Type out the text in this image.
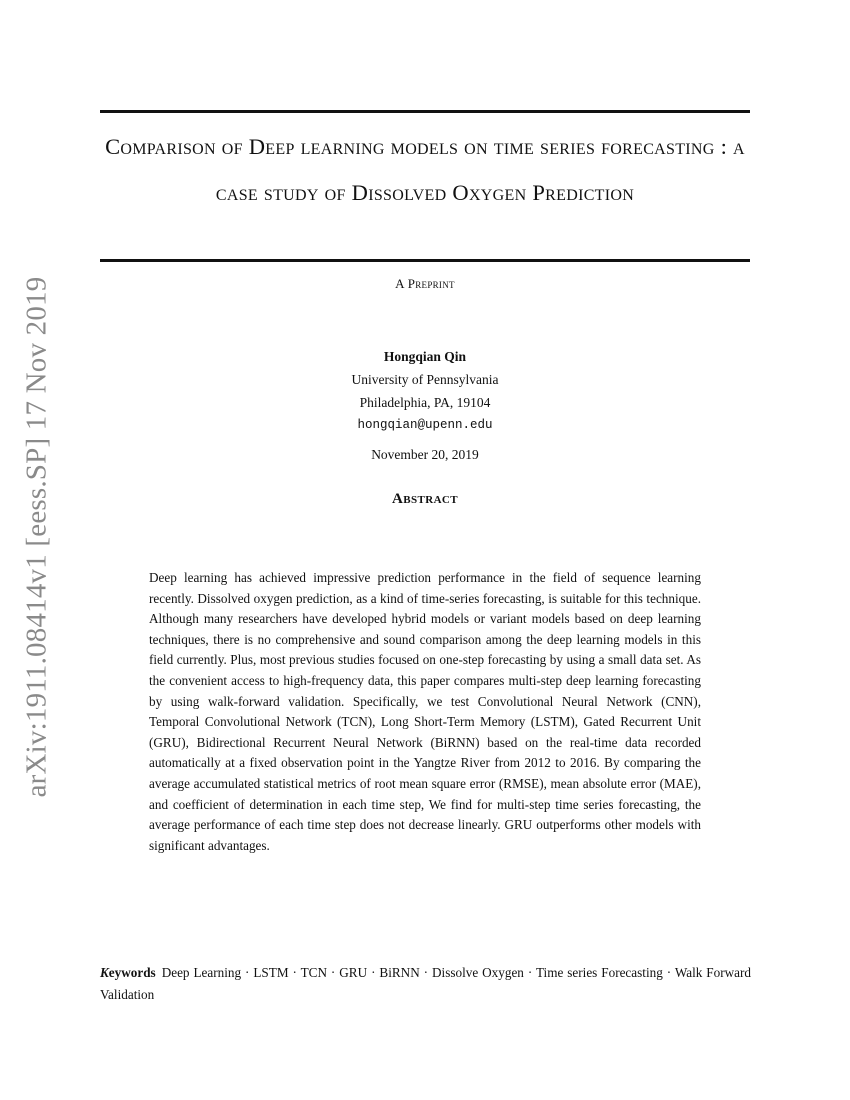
arXiv:1911.08414v1 [eess.SP] 17 Nov 2019
Comparison of Deep learning models on time series forecasting : a case study of Dissolved Oxygen Prediction
A Preprint
Hongqian Qin
University of Pennsylvania
Philadelphia, PA, 19104
hongqian@upenn.edu
November 20, 2019
Abstract
Deep learning has achieved impressive prediction performance in the field of sequence learning recently. Dissolved oxygen prediction, as a kind of time-series forecasting, is suitable for this technique. Although many researchers have developed hybrid models or variant models based on deep learning techniques, there is no comprehensive and sound comparison among the deep learning models in this field currently. Plus, most previous studies focused on one-step forecasting by using a small data set. As the convenient access to high-frequency data, this paper compares multi-step deep learning forecasting by using walk-forward validation. Specifically, we test Convolutional Neural Network (CNN), Temporal Convolutional Network (TCN), Long Short-Term Memory (LSTM), Gated Recurrent Unit (GRU), Bidirectional Recurrent Neural Network (BiRNN) based on the real-time data recorded automatically at a fixed observation point in the Yangtze River from 2012 to 2016. By comparing the average accumulated statistical metrics of root mean square error (RMSE), mean absolute error (MAE), and coefficient of determination in each time step, We find for multi-step time series forecasting, the average performance of each time step does not decrease linearly. GRU outperforms other models with significant advantages.
Keywords Deep Learning · LSTM · TCN · GRU · BiRNN · Dissolve Oxygen · Time series Forecasting · Walk Forward Validation
